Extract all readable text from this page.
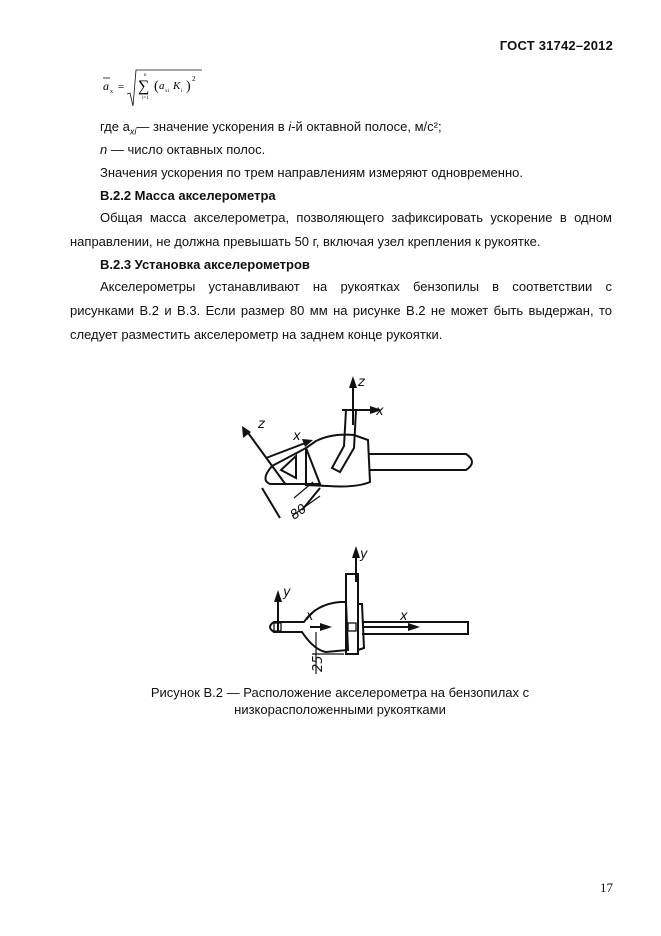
ГОСТ 31742–2012
a x =
n
∑
i=1
( a xi K i ) 2
где $a_{xi}—$ значение ускорения в i-й октавной полосе, м/с²;
n — число октавных полос.
Значения ускорения по трем направлениям измеряют одновременно.
В.2.2 Масса акселерометра
Общая масса акселерометра, позволяющего зафиксировать ускорение в одном
направлении, не должна превышать 50 г, включая узел крепления к рукоятке.
В.2.3 Установка акселерометров
Акселерометры устанавливают на рукоятках бензопилы в соответствии с
рисунками В.2 и В.3. Если размер 80 мм на рисунке В.2 не может быть выдержан, то
следует разместить акселерометр на заднем конце рукоятки.
80
z
x
z
x
25
y
y
x	x
Рисунок В.2 — Расположение акселерометра на бензопилах с
низкорасположенными рукоятками
17
